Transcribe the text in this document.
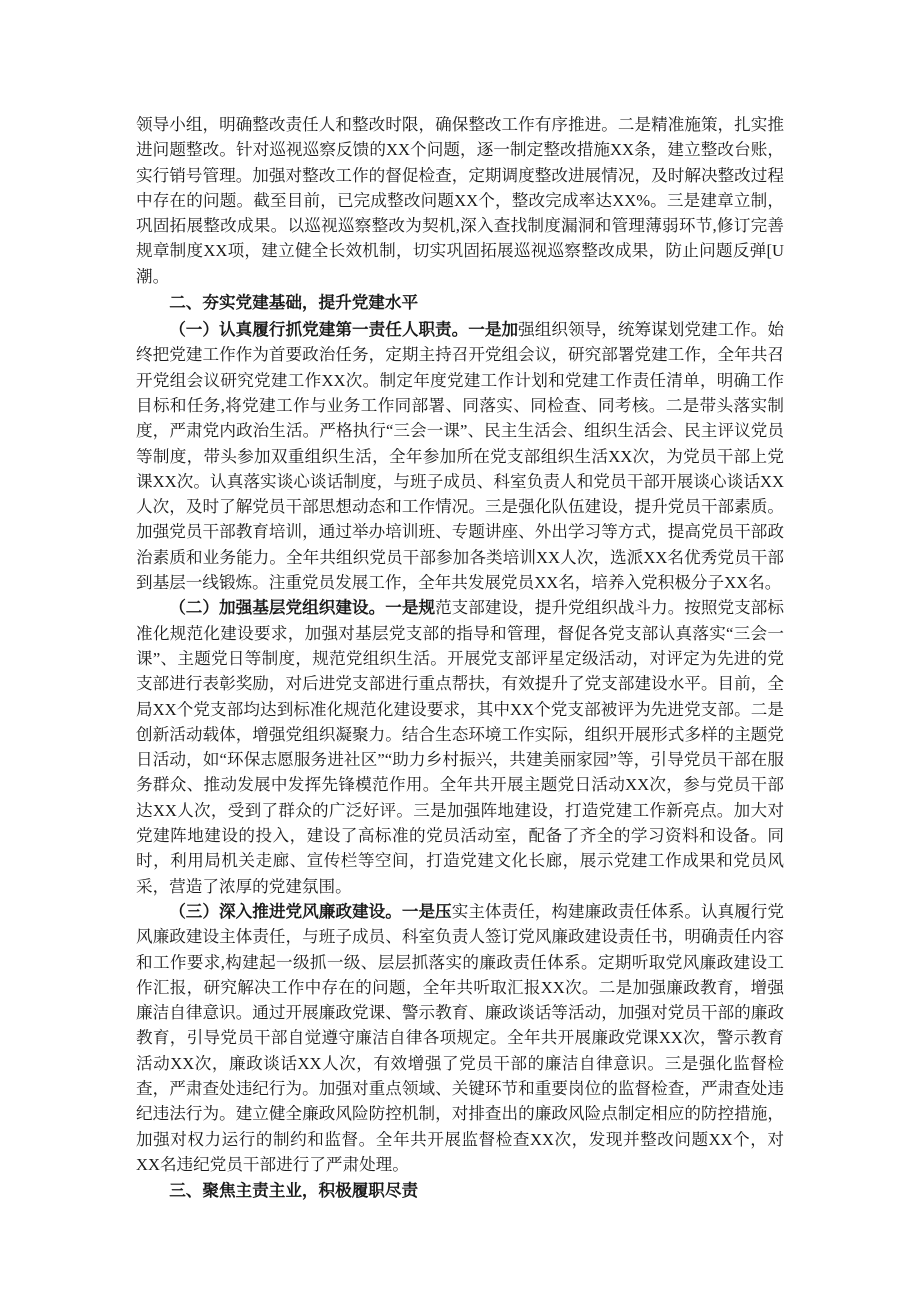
领导小组，明确整改责任人和整改时限，确保整改工作有序推进。二是精准施策，扎实推进问题整改。针对巡视巡察反馈的XX个问题，逐一制定整改措施XX条，建立整改台账，实行销号管理。加强对整改工作的督促检查，定期调度整改进展情况，及时解决整改过程中存在的问题。截至目前，已完成整改问题XX个，整改完成率达XX%。三是建章立制，巩固拓展整改成果。以巡视巡察整改为契机,深入查找制度漏洞和管理薄弱环节,修订完善规章制度XX项，建立健全长效机制，切实巩固拓展巡视巡察整改成果，防止问题反弹[U潮。

二、夯实党建基础，提升党建水平

（一）认真履行抓党建第一责任人职责。一是加强组织领导，统筹谋划党建工作。始终把党建工作作为首要政治任务，定期主持召开党组会议，研究部署党建工作，全年共召开党组会议研究党建工作XX次。制定年度党建工作计划和党建工作责任清单，明确工作目标和任务,将党建工作与业务工作同部署、同落实、同检查、同考核。二是带头落实制度，严肃党内政治生活。严格执行“三会一课”、民主生活会、组织生活会、民主评议党员等制度，带头参加双重组织生活，全年参加所在党支部组织生活XX次，为党员干部上党课XX次。认真落实谈心谈话制度，与班子成员、科室负责人和党员干部开展谈心谈话XX人次，及时了解党员干部思想动态和工作情况。三是强化队伍建设，提升党员干部素质。加强党员干部教育培训，通过举办培训班、专题讲座、外出学习等方式，提高党员干部政治素质和业务能力。全年共组织党员干部参加各类培训XX人次，选派XX名优秀党员干部到基层一线锻炼。注重党员发展工作，全年共发展党员XX名，培养入党积极分子XX名。

（二）加强基层党组织建设。一是规范支部建设，提升党组织战斗力。按照党支部标准化规范化建设要求，加强对基层党支部的指导和管理，督促各党支部认真落实“三会一课”、主题党日等制度，规范党组织生活。开展党支部评星定级活动，对评定为先进的党支部进行表彰奖励，对后进党支部进行重点帮扶，有效提升了党支部建设水平。目前，全局XX个党支部均达到标准化规范化建设要求，其中XX个党支部被评为先进党支部。二是创新活动载体，增强党组织凝聚力。结合生态环境工作实际，组织开展形式多样的主题党日活动，如“环保志愿服务进社区”“助力乡村振兴，共建美丽家园”等，引导党员干部在服务群众、推动发展中发挥先锋模范作用。全年共开展主题党日活动XX次，参与党员干部达XX人次，受到了群众的广泛好评。三是加强阵地建设，打造党建工作新亮点。加大对党建阵地建设的投入，建设了高标准的党员活动室，配备了齐全的学习资料和设备。同时，利用局机关走廊、宣传栏等空间，打造党建文化长廊，展示党建工作成果和党员风采，营造了浓厚的党建氛围。

（三）深入推进党风廉政建设。一是压实主体责任，构建廉政责任体系。认真履行党风廉政建设主体责任，与班子成员、科室负责人签订党风廉政建设责任书，明确责任内容和工作要求,构建起一级抓一级、层层抓落实的廉政责任体系。定期听取党风廉政建设工作汇报，研究解决工作中存在的问题，全年共听取汇报XX次。二是加强廉政教育，增强廉洁自律意识。通过开展廉政党课、警示教育、廉政谈话等活动，加强对党员干部的廉政教育，引导党员干部自觉遵守廉洁自律各项规定。全年共开展廉政党课XX次，警示教育活动XX次，廉政谈话XX人次，有效增强了党员干部的廉洁自律意识。三是强化监督检查，严肃查处违纪行为。加强对重点领域、关键环节和重要岗位的监督检查，严肃查处违纪违法行为。建立健全廉政风险防控机制，对排查出的廉政风险点制定相应的防控措施，加强对权力运行的制约和监督。全年共开展监督检查XX次，发现并整改问题XX个，对XX名违纪党员干部进行了严肃处理。

三、聚焦主责主业，积极履职尽责
